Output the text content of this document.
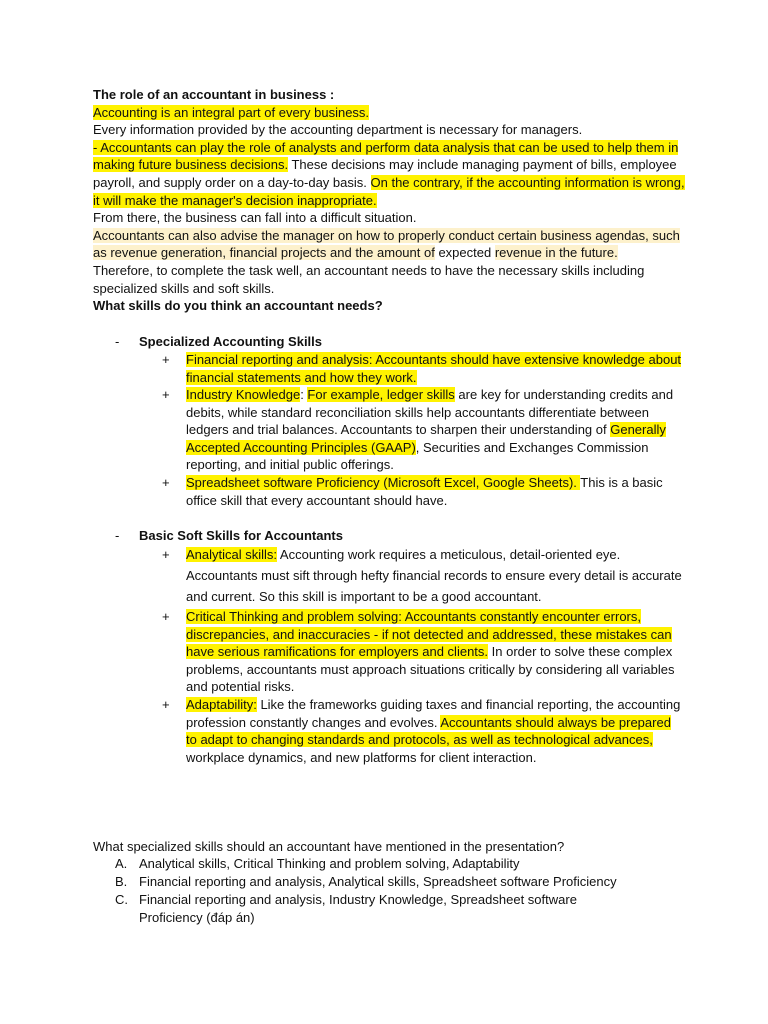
The role of an accountant in business :

Accounting is an integral part of every business.

Every information provided by the accounting department is necessary for managers.

- Accountants can play the role of analysts and perform data analysis that can be used to help them in making future business decisions. These decisions may include managing payment of bills, employee payroll, and supply order on a day-to-day basis. On the contrary, if the accounting information is wrong, it will make the manager's decision inappropriate.

From there, the business can fall into a difficult situation.

Accountants can also advise the manager on how to properly conduct certain business agendas, such as revenue generation, financial projects and the amount of expected revenue in the future.

Therefore, to complete the task well, an accountant needs to have the necessary skills including specialized skills and soft skills.

What skills do you think an accountant needs?

- Specialized Accounting Skills
+ Financial reporting and analysis: Accountants should have extensive knowledge about financial statements and how they work.
+ Industry Knowledge: For example, ledger skills are key for understanding credits and debits, while standard reconciliation skills help accountants differentiate between ledgers and trial balances. Accountants to sharpen their understanding of Generally Accepted Accounting Principles (GAAP), Securities and Exchanges Commission reporting, and initial public offerings.
+ Spreadsheet software Proficiency (Microsoft Excel, Google Sheets). This is a basic office skill that every accountant should have.
- Basic Soft Skills for Accountants
+ Analytical skills: Accounting work requires a meticulous, detail-oriented eye. Accountants must sift through hefty financial records to ensure every detail is accurate and current. So this skill is important to be a good accountant.
+ Critical Thinking and problem solving: Accountants constantly encounter errors, discrepancies, and inaccuracies - if not detected and addressed, these mistakes can have serious ramifications for employers and clients. In order to solve these complex problems, accountants must approach situations critically by considering all variables and potential risks.
+ Adaptability: Like the frameworks guiding taxes and financial reporting, the accounting profession constantly changes and evolves. Accountants should always be prepared to adapt to changing standards and protocols, as well as technological advances, workplace dynamics, and new platforms for client interaction.
What specialized skills should an accountant have mentioned in the presentation?
A. Analytical skills, Critical Thinking and problem solving, Adaptability
B. Financial reporting and analysis, Analytical skills, Spreadsheet software Proficiency
C. Financial reporting and analysis, Industry Knowledge, Spreadsheet software Proficiency (đáp án)
